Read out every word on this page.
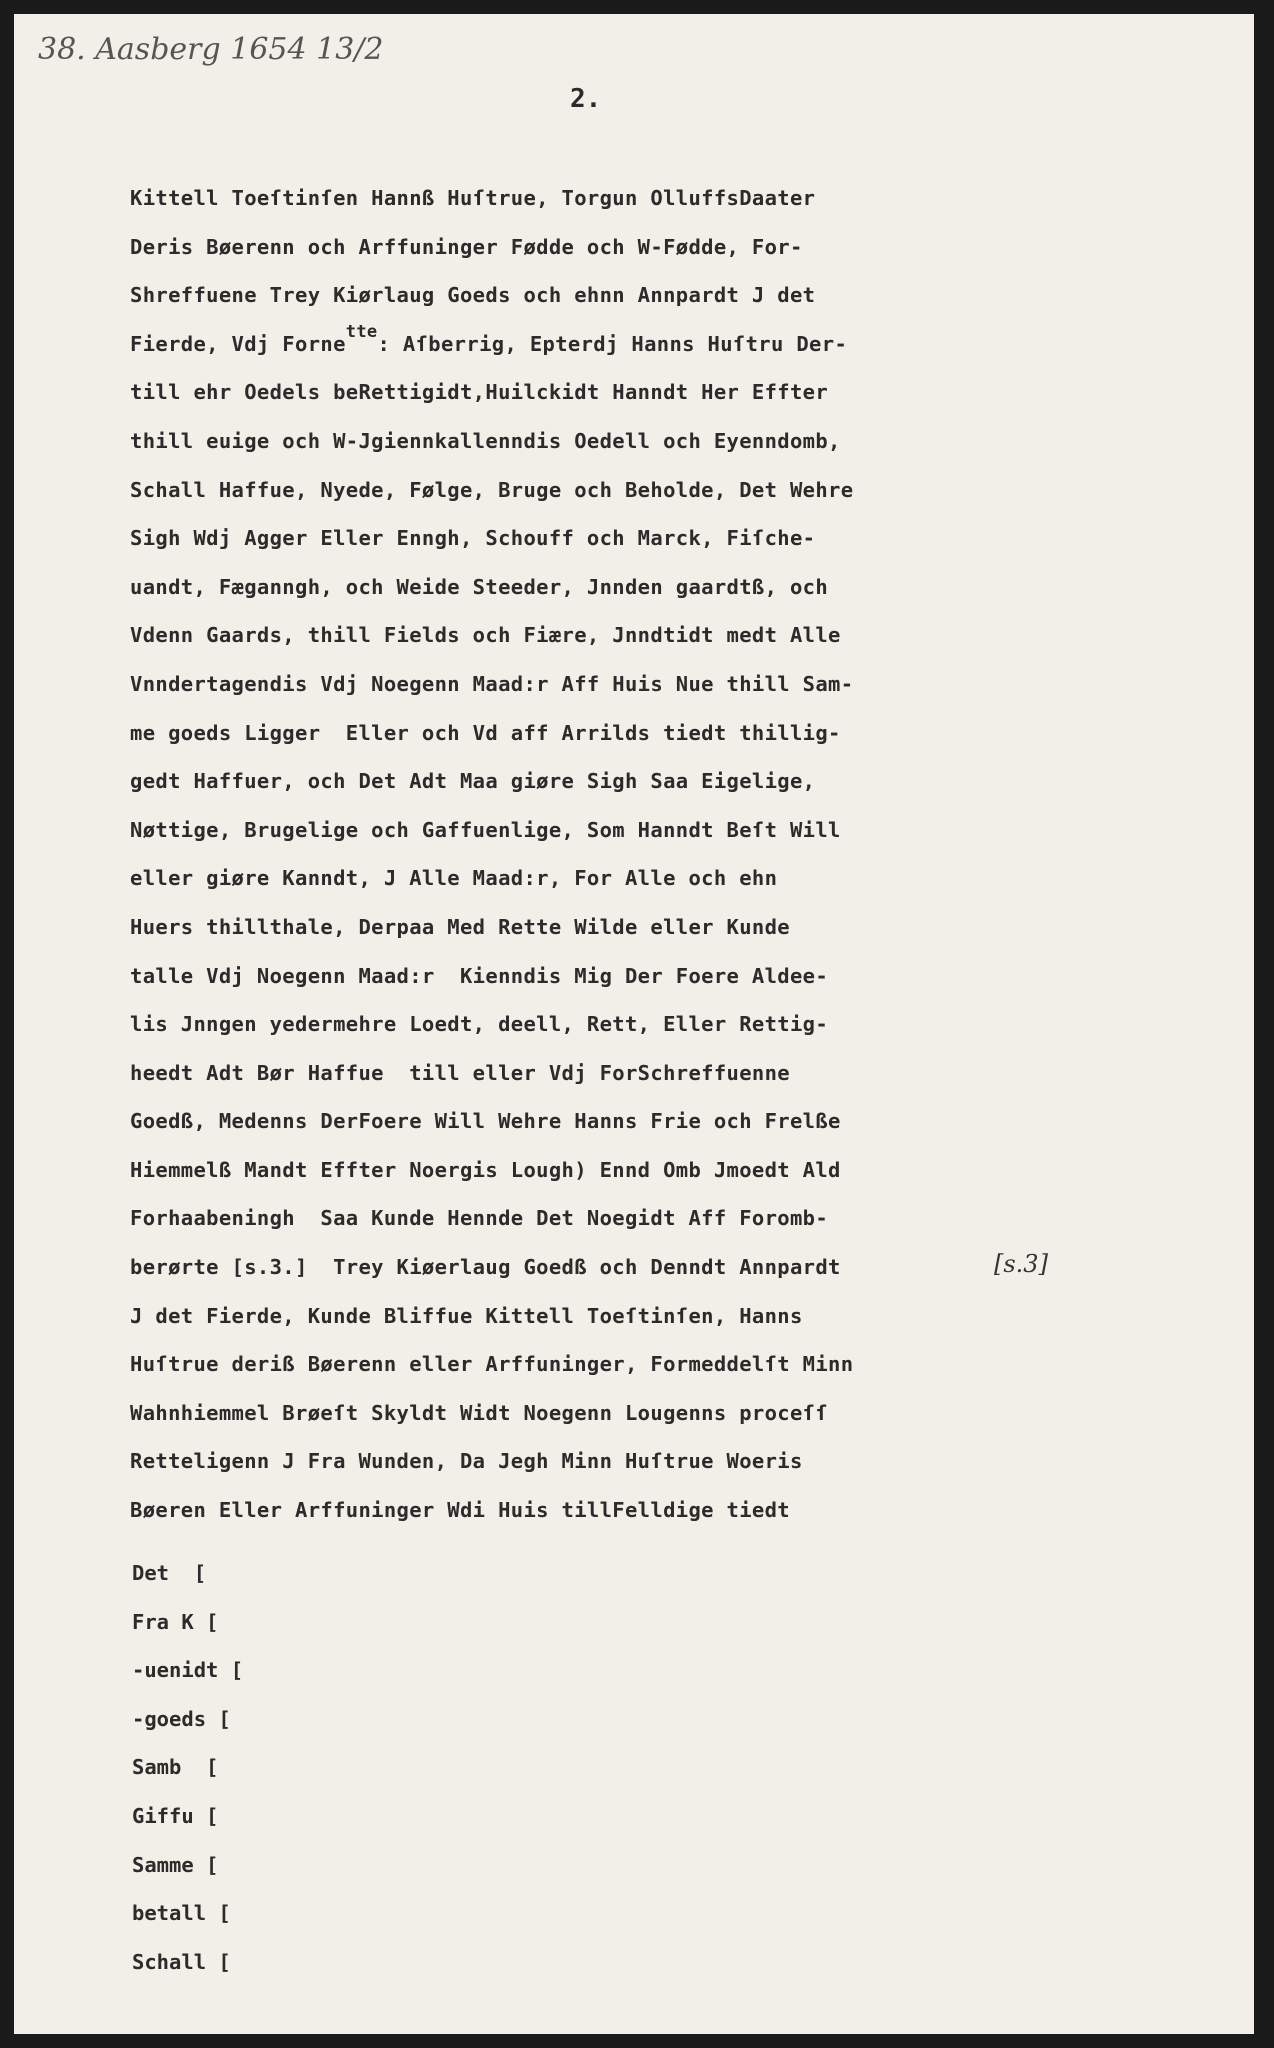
38. Aasberg 1654 13/2
2.
Kittell Toeſtinſen Hannß Huſtrue, Torgun OlluffsDaater
Deris Bøerenn och Arffuninger Fødde och W-Fødde, For-
Shreffuene Trey Kiørlaug Goeds och ehnn Annpardt J det
Fierde, Vdj Forne$^{tte}$: Aſberrig, Epterdj Hanns Huſtru Der-
till ehr Oedels beRettigidt,Huilckidt Hanndt Her Effter
thill euige och W-Jgiennkallenndis Oedell och Eyenndomb,
Schall Haffue, Nyede, Følge, Bruge och Beholde, Det Wehre
Sigh Wdj Agger Eller Enngh, Schouff och Marck, Fiſche-
uandt, Fæganngh, och Weide Steeder, Jnnden gaardtß, och
Vdenn Gaards, thill Fields och Fiære, Jnndtidt medt Alle
Vnndertagendis Vdj Noegenn Maad:r Aff Huis Nue thill Sam-
me goeds Ligger  Eller och Vd aff Arrilds tiedt thillig-
gedt Haffuer, och Det Adt Maa giøre Sigh Saa Eigelige,
Nøttige, Brugelige och Gaffuenlige, Som Hanndt Beſt Will
eller giøre Kanndt, J Alle Maad:r, For Alle och ehn
Huers thillthale, Derpaa Med Rette Wilde eller Kunde
talle Vdj Noegenn Maad:r  Kienndis Mig Der Foere Aldee-
lis Jnngen yedermehre Loedt, deell, Rett, Eller Rettig-
heedt Adt Bør Haffue  till eller Vdj ForSchreffuenne
Goedß, Medenns DerFoere Will Wehre Hanns Frie och Frelße
Hiemmelß Mandt Effter Noergis Lough) Ennd Omb Jmoedt Ald
Forhaabeningh  Saa Kunde Hennde Det Noegidt Aff Foromb-
berørte [s.3.]  Trey Kiøerlaug Goedß och Denndt Annpardt
J det Fierde, Kunde Bliffue Kittell Toeſtinſen, Hanns
Huſtrue deriß Bøerenn eller Arffuninger, Formeddelſt Minn
Wahnhiemmel Brøeſt Skyldt Widt Noegenn Lougenns proceſſ
Retteligenn J Fra Wunden, Da Jegh Minn Huſtrue Woeris
Bøeren Eller Arffuninger Wdi Huis tillFelldige tiedt
[s.3]
Det  [
Fra K [
-uenidt [
-goeds [
Samb  [
Giffu [
Samme [
betall [
Schall [
